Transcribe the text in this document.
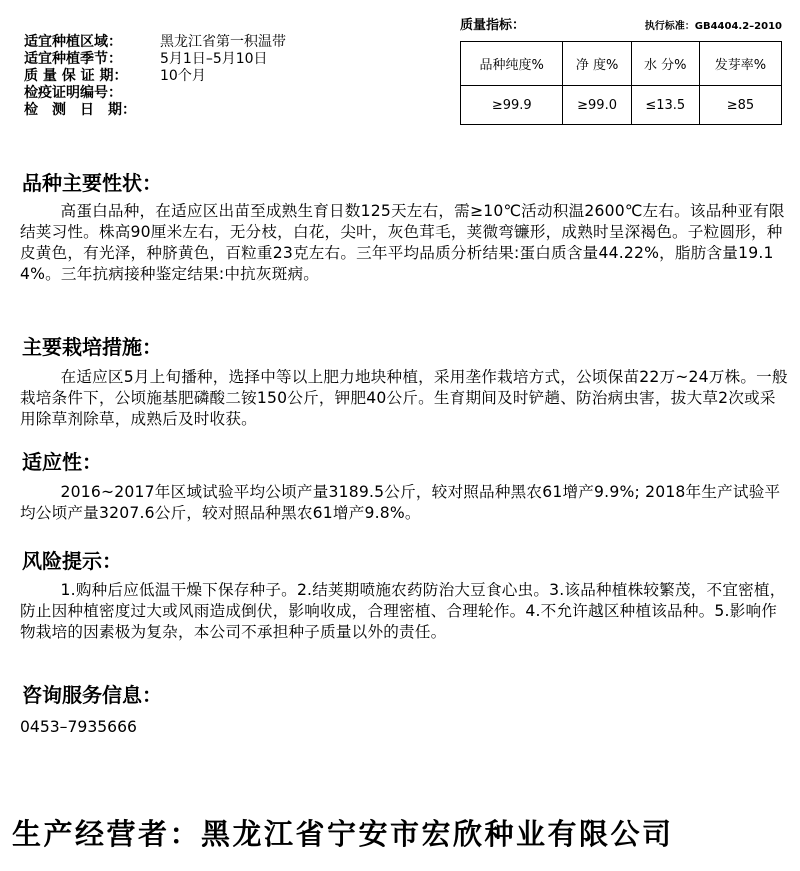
适宜种植区域：	黑龙江省第一积温带
适宜种植季节：	5月1日–5月10日
质 量 保 证 期：	10个月
检疫证明编号：
检　测　日　期：
质量指标：	执行标准：GB4404.2–2010
品种纯度%	净 度%	水 分%	发芽率%
≥99.9	≥99.0	≤13.5	≥85
品种主要性状：
高蛋白品种，在适应区出苗至成熟生育日数125天左右，需≥10℃活动积温2600℃左右。该品种亚有限结荚习性。株高90厘米左右，无分枝，白花，尖叶，灰色茸毛，荚微弯镰形，成熟时呈深褐色。子粒圆形，种皮黄色，有光泽，种脐黄色，百粒重23克左右。三年平均品质分析结果:蛋白质含量44.22%，脂肪含量19.14%。三年抗病接种鉴定结果:中抗灰斑病。
主要栽培措施：
在适应区5月上旬播种，选择中等以上肥力地块种植，采用垄作栽培方式，公顷保苗22万~24万株。一般栽培条件下，公顷施基肥磷酸二铵150公斤，钾肥40公斤。生育期间及时铲趟、防治病虫害，拔大草2次或采用除草剂除草，成熟后及时收获。
适应性：
2016~2017年区域试验平均公顷产量3189.5公斤，较对照品种黑农61增产9.9%; 2018年生产试验平均公顷产量3207.6公斤，较对照品种黑农61增产9.8%。
风险提示：
1.购种后应低温干燥下保存种子。2.结荚期喷施农药防治大豆食心虫。3.该品种植株较繁茂，不宜密植，防止因种植密度过大或风雨造成倒伏，影响收成，合理密植、合理轮作。4.不允许越区种植该品种。5.影响作物栽培的因素极为复杂，本公司不承担种子质量以外的责任。
咨询服务信息：
0453–7935666
生产经营者：黑龙江省宁安市宏欣种业有限公司
